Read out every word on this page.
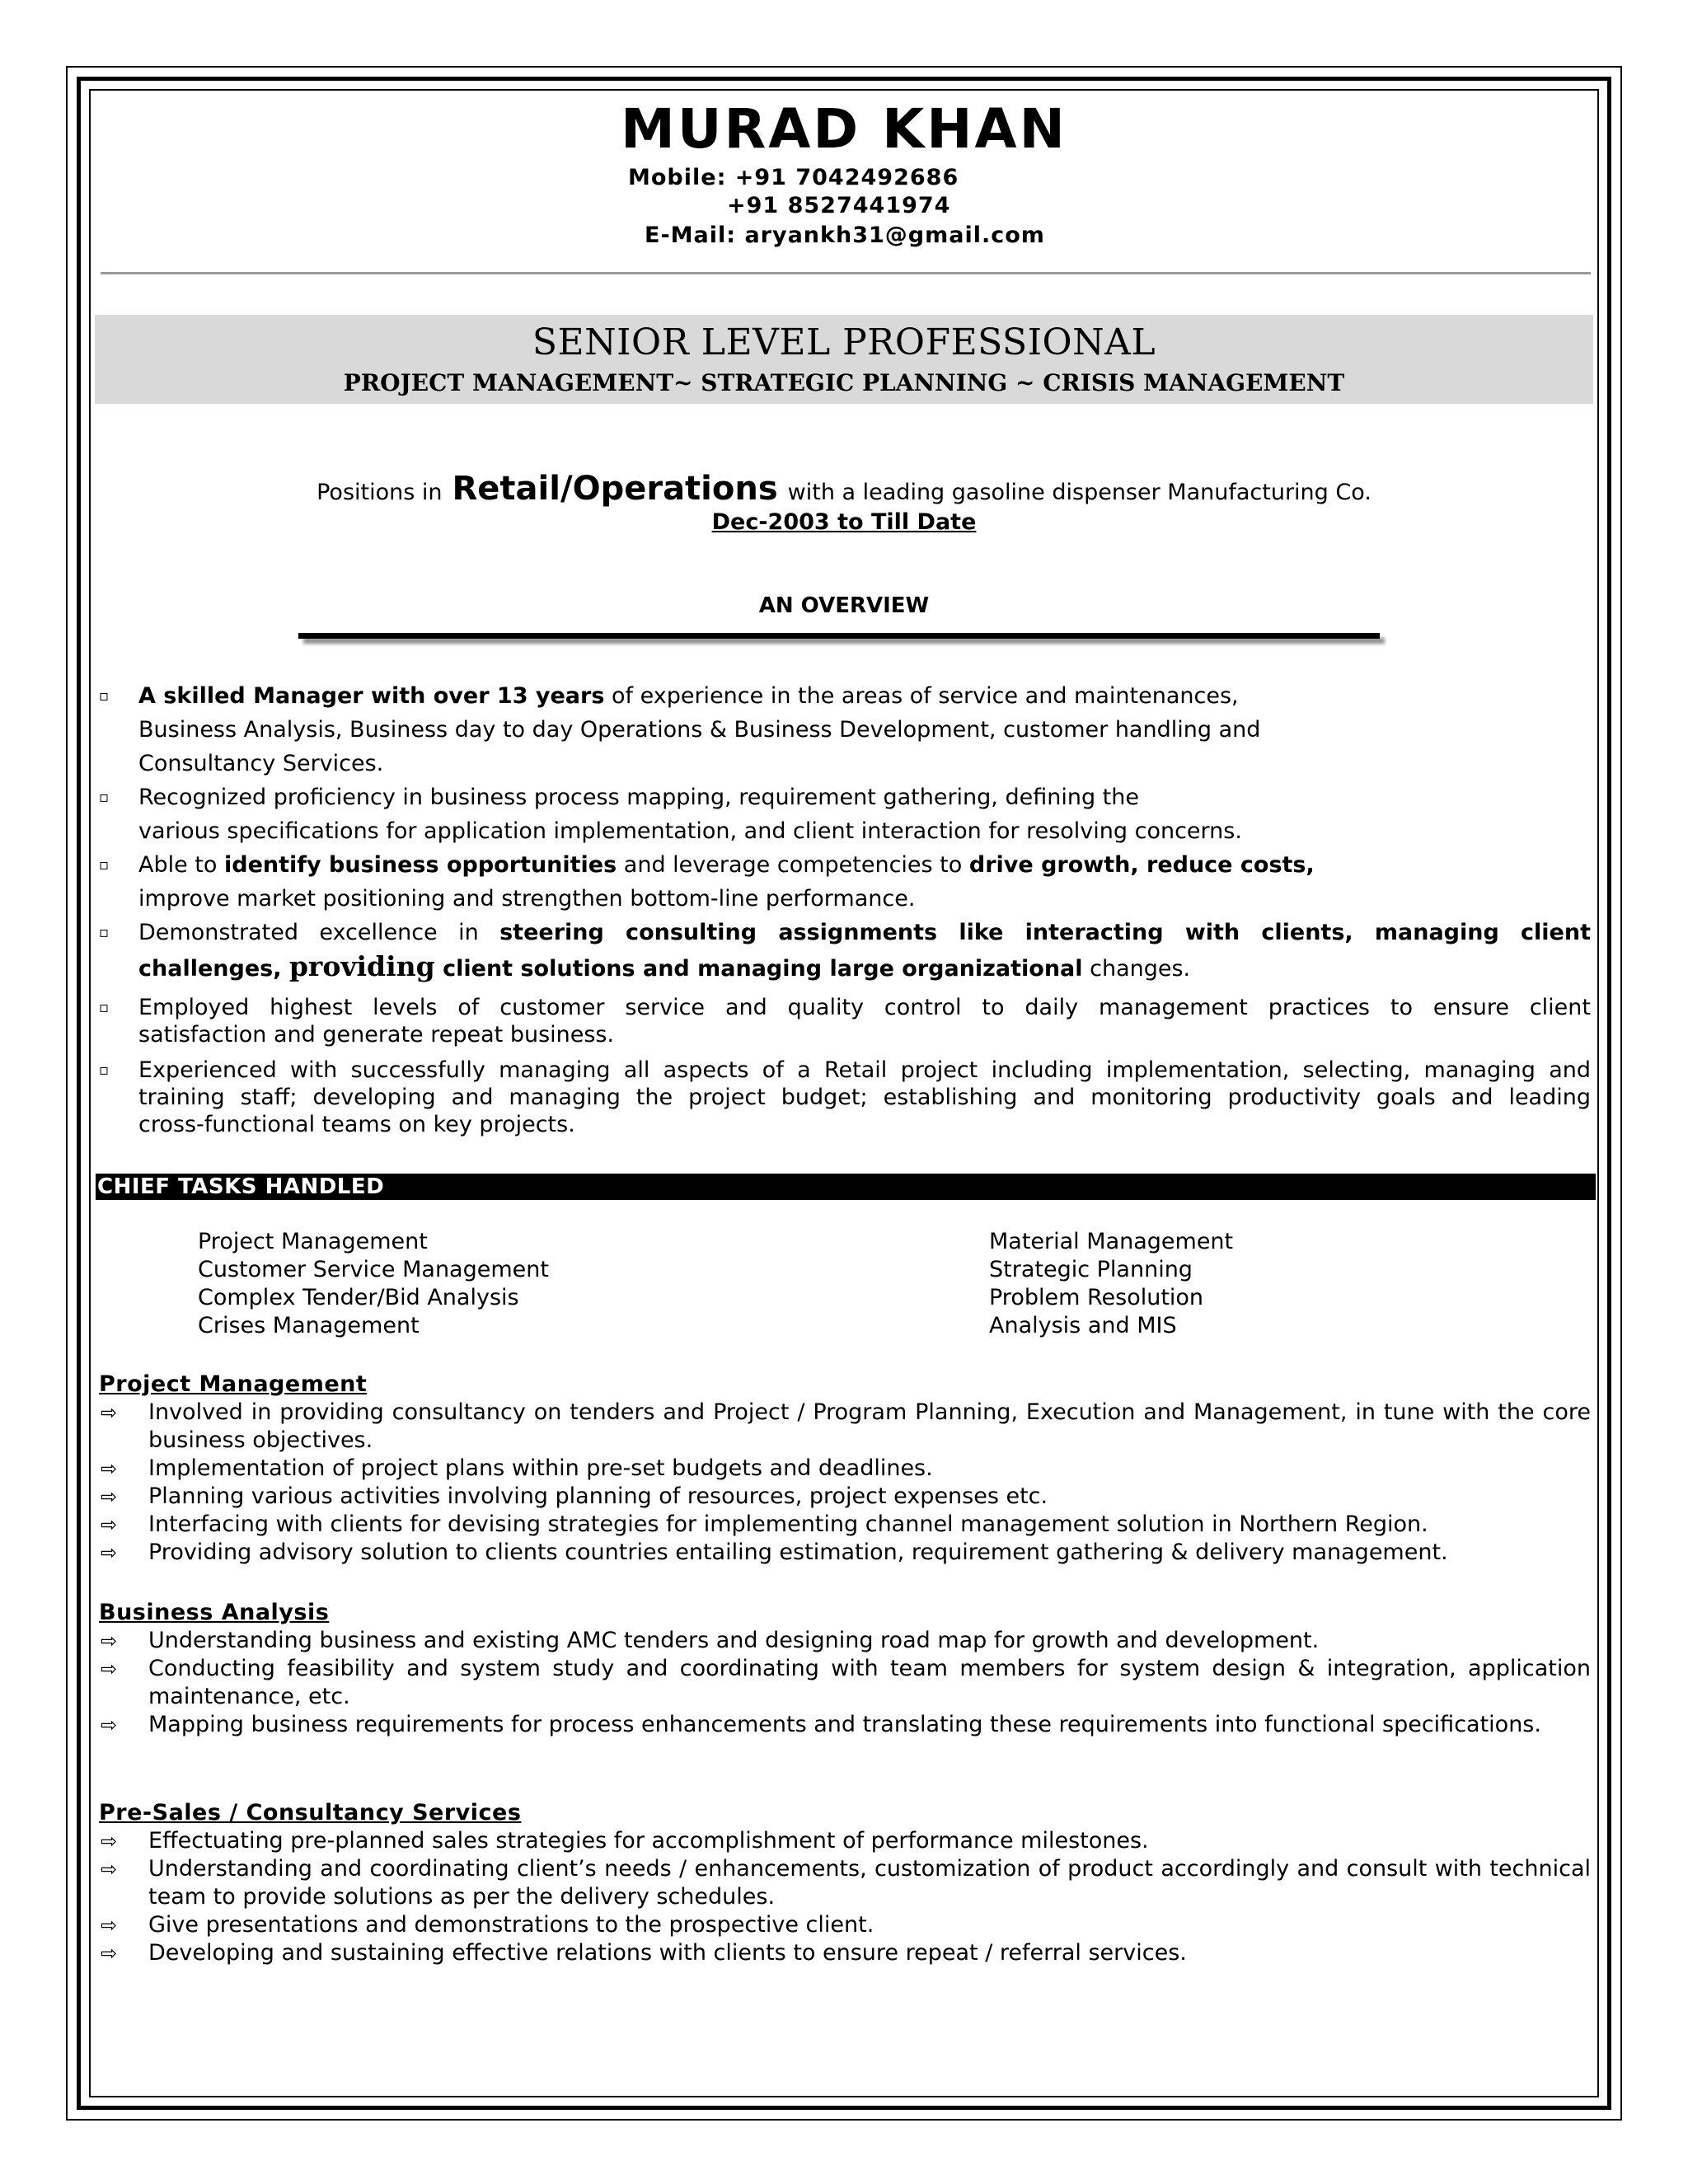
MURAD KHAN
Mobile: +91 7042492686
+91 8527441974
E-Mail: aryankh31@gmail.com
SENIOR LEVEL PROFESSIONAL
PROJECT MANAGEMENT~ STRATEGIC PLANNING ~ CRISIS MANAGEMENT
Positions in Retail/Operations with a leading gasoline dispenser Manufacturing Co.
Dec-2003 to Till Date
AN OVERVIEW
▫ A skilled Manager with over 13 years of experience in the areas of service and maintenances,
Business Analysis, Business day to day Operations & Business Development, customer handling and
Consultancy Services.
▫ Recognized proficiency in business process mapping, requirement gathering, defining the
various specifications for application implementation, and client interaction for resolving concerns.
▫ Able to identify business opportunities and leverage competencies to drive growth, reduce costs,
improve market positioning and strengthen bottom-line performance.
▫ Demonstrated excellence in steering consulting assignments like interacting with clients, managing client
challenges, providing client solutions and managing large organizational changes.
▫ Employed highest levels of customer service and quality control to daily management practices to ensure client
satisfaction and generate repeat business.
▫ Experienced with successfully managing all aspects of a Retail project including implementation, selecting, managing and
training staff; developing and managing the project budget; establishing and monitoring productivity goals and leading
cross-functional teams on key projects.
CHIEF TASKS HANDLED
Project Management
Customer Service Management
Complex Tender/Bid Analysis
Crises Management
Material Management
Strategic Planning
Problem Resolution
Analysis and MIS
Project Management
⇨ Involved in providing consultancy on tenders and Project / Program Planning, Execution and Management, in tune with the core business objectives.
⇨ Implementation of project plans within pre-set budgets and deadlines.
⇨ Planning various activities involving planning of resources, project expenses etc.
⇨ Interfacing with clients for devising strategies for implementing channel management solution in Northern Region.
⇨ Providing advisory solution to clients countries entailing estimation, requirement gathering & delivery management.
Business Analysis
⇨ Understanding business and existing AMC tenders and designing road map for growth and development.
⇨ Conducting feasibility and system study and coordinating with team members for system design & integration, application maintenance, etc.
⇨ Mapping business requirements for process enhancements and translating these requirements into functional specifications.
Pre-Sales / Consultancy Services
⇨ Effectuating pre-planned sales strategies for accomplishment of performance milestones.
⇨ Understanding and coordinating client’s needs / enhancements, customization of product accordingly and consult with technical team to provide solutions as per the delivery schedules.
⇨ Give presentations and demonstrations to the prospective client.
⇨ Developing and sustaining effective relations with clients to ensure repeat / referral services.
